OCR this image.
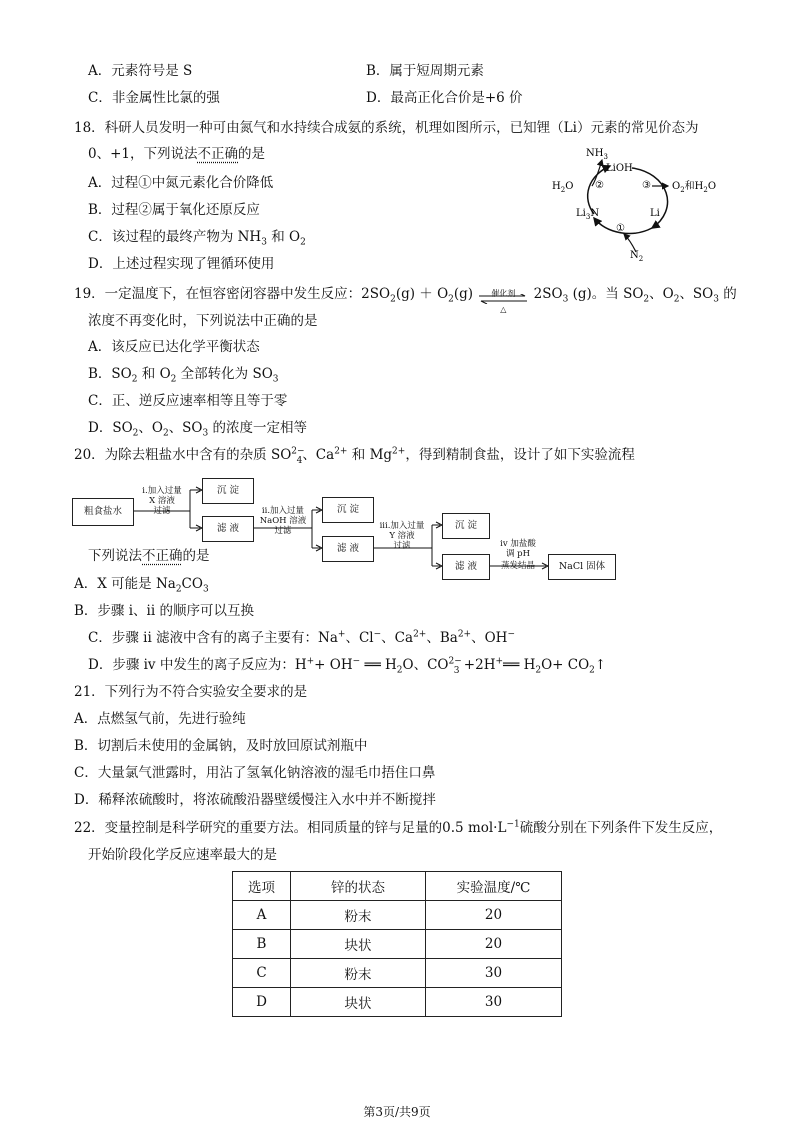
A．元素符号是 S	B．属于短周期元素
C．非金属性比氯的强	D．最高正化合价是+6 价
18．科研人员发明一种可由氮气和水持续合成氨的系统，机理如图所示，已知锂（Li）元素的常见价态为
0、+1，下列说法不正确的是
A．过程①中氮元素化合价降低
B．过程②属于氧化还原反应
C．该过程的最终产物为 $NH_3$ 和 $O_2$
D．上述过程实现了锂循环使用
$NH_3$
LiOH
$H_2O$ ②	③ $O_2$和$H_2O$
$Li_3N$	Li
①
$N_2$
19．一定温度下，在恒容密闭容器中发生反应：$2SO_2(g) + O_2(g)$	催化剂
△
$2SO_3$ (g)。当 $SO_2$、$O_2$、$SO_3$ 的
浓度不再变化时，下列说法中正确的是
A．该反应已达化学平衡状态
B．$SO_2$ 和 $O_2$ 全部转化为 $SO_3$
C．正、逆反应速率相等且等于零
D．$SO_2$、$O_2$、$SO_3$ 的浓度一定相等
20．为除去粗盐水中含有的杂质 $SO^{2-}_4$、$Ca^{2+}$ 和 $Mg^{2+}$，得到精制食盐，设计了如下实验流程
粗食盐水
i.加入过量
X 溶液
过滤
沉 淀
滤 液
ii.加入过量
NaOH 溶液
过滤
沉 淀
滤 液
iii.加入过量
Y 溶液
过滤
沉 淀
滤 液
iv 加盐酸
调 pH
蒸发结晶	NaCl 固体
下列说法不正确的是
A．X 可能是 $Na_2CO_3$
B．步骤 i、ii 的顺序可以互换
C．步骤 ii 滤液中含有的离子主要有：Na+、Cl−、$Ca^{2+}$、$Ba^{2+}$、OH−
D．步骤 iv 中发生的离子反应为：H++ OH− ══ $H_2O$、$CO^{2-}_3$ +2H+══ $H_2O+$ $CO_2↑$
21．下列行为不符合实验安全要求的是
A．点燃氢气前，先进行验纯
B．切割后未使用的金属钠，及时放回原试剂瓶中
C．大量氯气泄露时，用沾了氢氧化钠溶液的湿毛巾捂住口鼻
D．稀释浓硫酸时，将浓硫酸沿器壁缓慢注入水中并不断搅拌
22．变量控制是科学研究的重要方法。相同质量的锌与足量的0.5 $mol\cdot L^{-1}$硫酸分别在下列条件下发生反应，
开始阶段化学反应速率最大的是
选项	锌的状态	实验温度/℃
A	粉末	20
B	块状	20
C	粉末	30
D	块状	30
第3页/共9页
